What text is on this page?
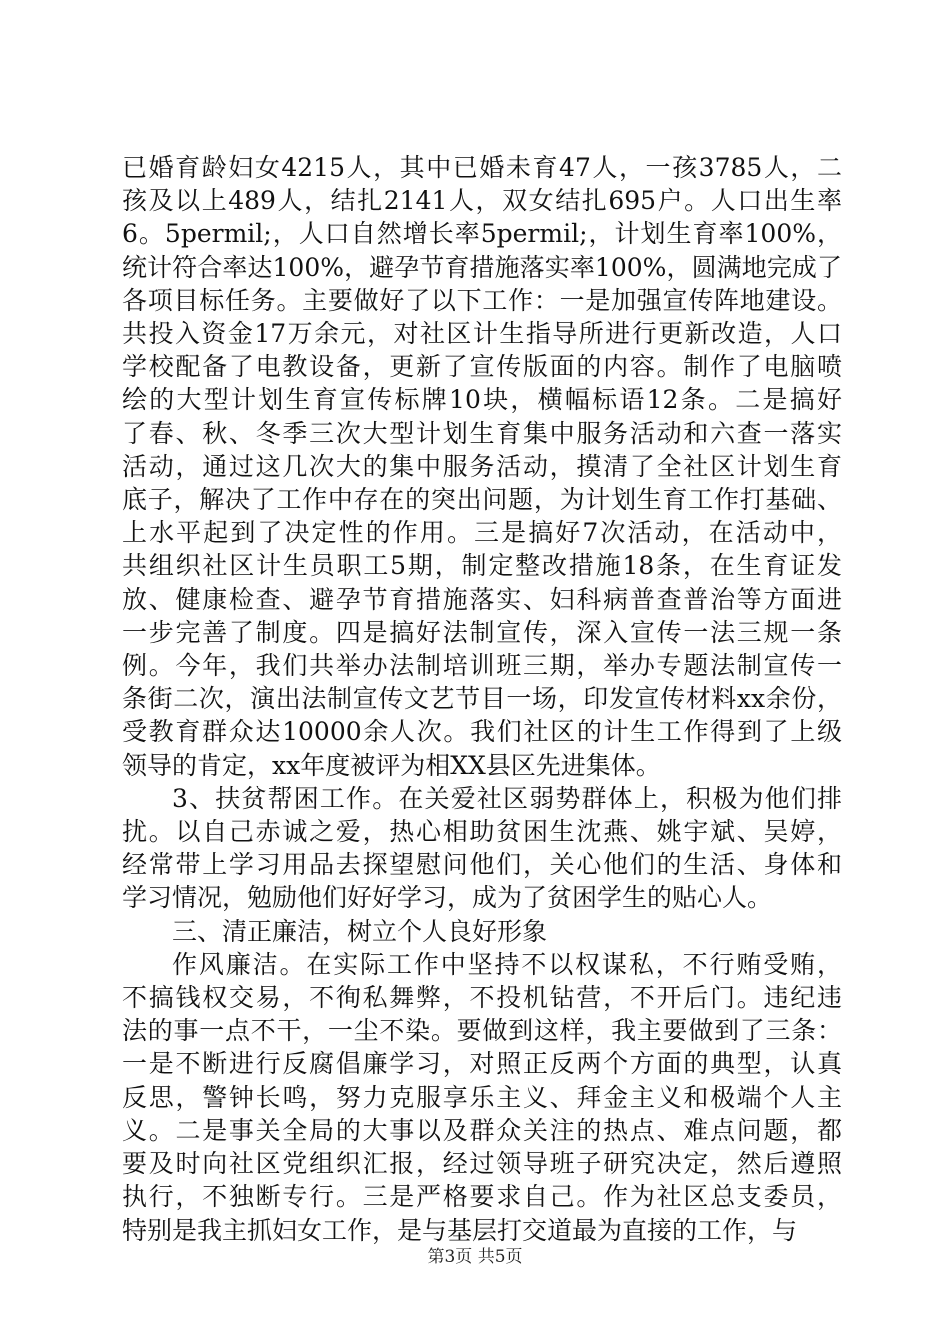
已婚育龄妇女4215人，其中已婚未育47人，一孩3785人，二
孩及以上489人，结扎2141人，双女结扎695户。人口出生率
6。5permil;，人口自然增长率5permil;，计划生育率100%，
统计符合率达100%，避孕节育措施落实率100%，圆满地完成了
各项目标任务。主要做好了以下工作：一是加强宣传阵地建设。
共投入资金17万余元，对社区计生指导所进行更新改造，人口
学校配备了电教设备，更新了宣传版面的内容。制作了电脑喷
绘的大型计划生育宣传标牌10块，横幅标语12条。二是搞好
了春、秋、冬季三次大型计划生育集中服务活动和六查一落实
活动，通过这几次大的集中服务活动，摸清了全社区计划生育
底子，解决了工作中存在的突出问题，为计划生育工作打基础、
上水平起到了决定性的作用。三是搞好7次活动，在活动中，
共组织社区计生员职工5期，制定整改措施18条，在生育证发
放、健康检查、避孕节育措施落实、妇科病普查普治等方面进
一步完善了制度。四是搞好法制宣传，深入宣传一法三规一条
例。今年，我们共举办法制培训班三期，举办专题法制宣传一
条街二次，演出法制宣传文艺节目一场，印发宣传材料xx余份，
受教育群众达10000余人次。我们社区的计生工作得到了上级
领导的肯定，xx年度被评为相XX县区先进集体。
3、扶贫帮困工作。在关爱社区弱势群体上，积极为他们排
扰。以自己赤诚之爱，热心相助贫困生沈燕、姚宇斌、吴婷，
经常带上学习用品去探望慰问他们，关心他们的生活、身体和
学习情况，勉励他们好好学习，成为了贫困学生的贴心人。
三、清正廉洁，树立个人良好形象
作风廉洁。在实际工作中坚持不以权谋私，不行贿受贿，
不搞钱权交易，不徇私舞弊，不投机钻营，不开后门。违纪违
法的事一点不干，一尘不染。要做到这样，我主要做到了三条：
一是不断进行反腐倡廉学习，对照正反两个方面的典型，认真
反思，警钟长鸣，努力克服享乐主义、拜金主义和极端个人主
义。二是事关全局的大事以及群众关注的热点、难点问题，都
要及时向社区党组织汇报，经过领导班子研究决定，然后遵照
执行，不独断专行。三是严格要求自己。作为社区总支委员，
特别是我主抓妇女工作，是与基层打交道最为直接的工作，与
第3页 共5页
